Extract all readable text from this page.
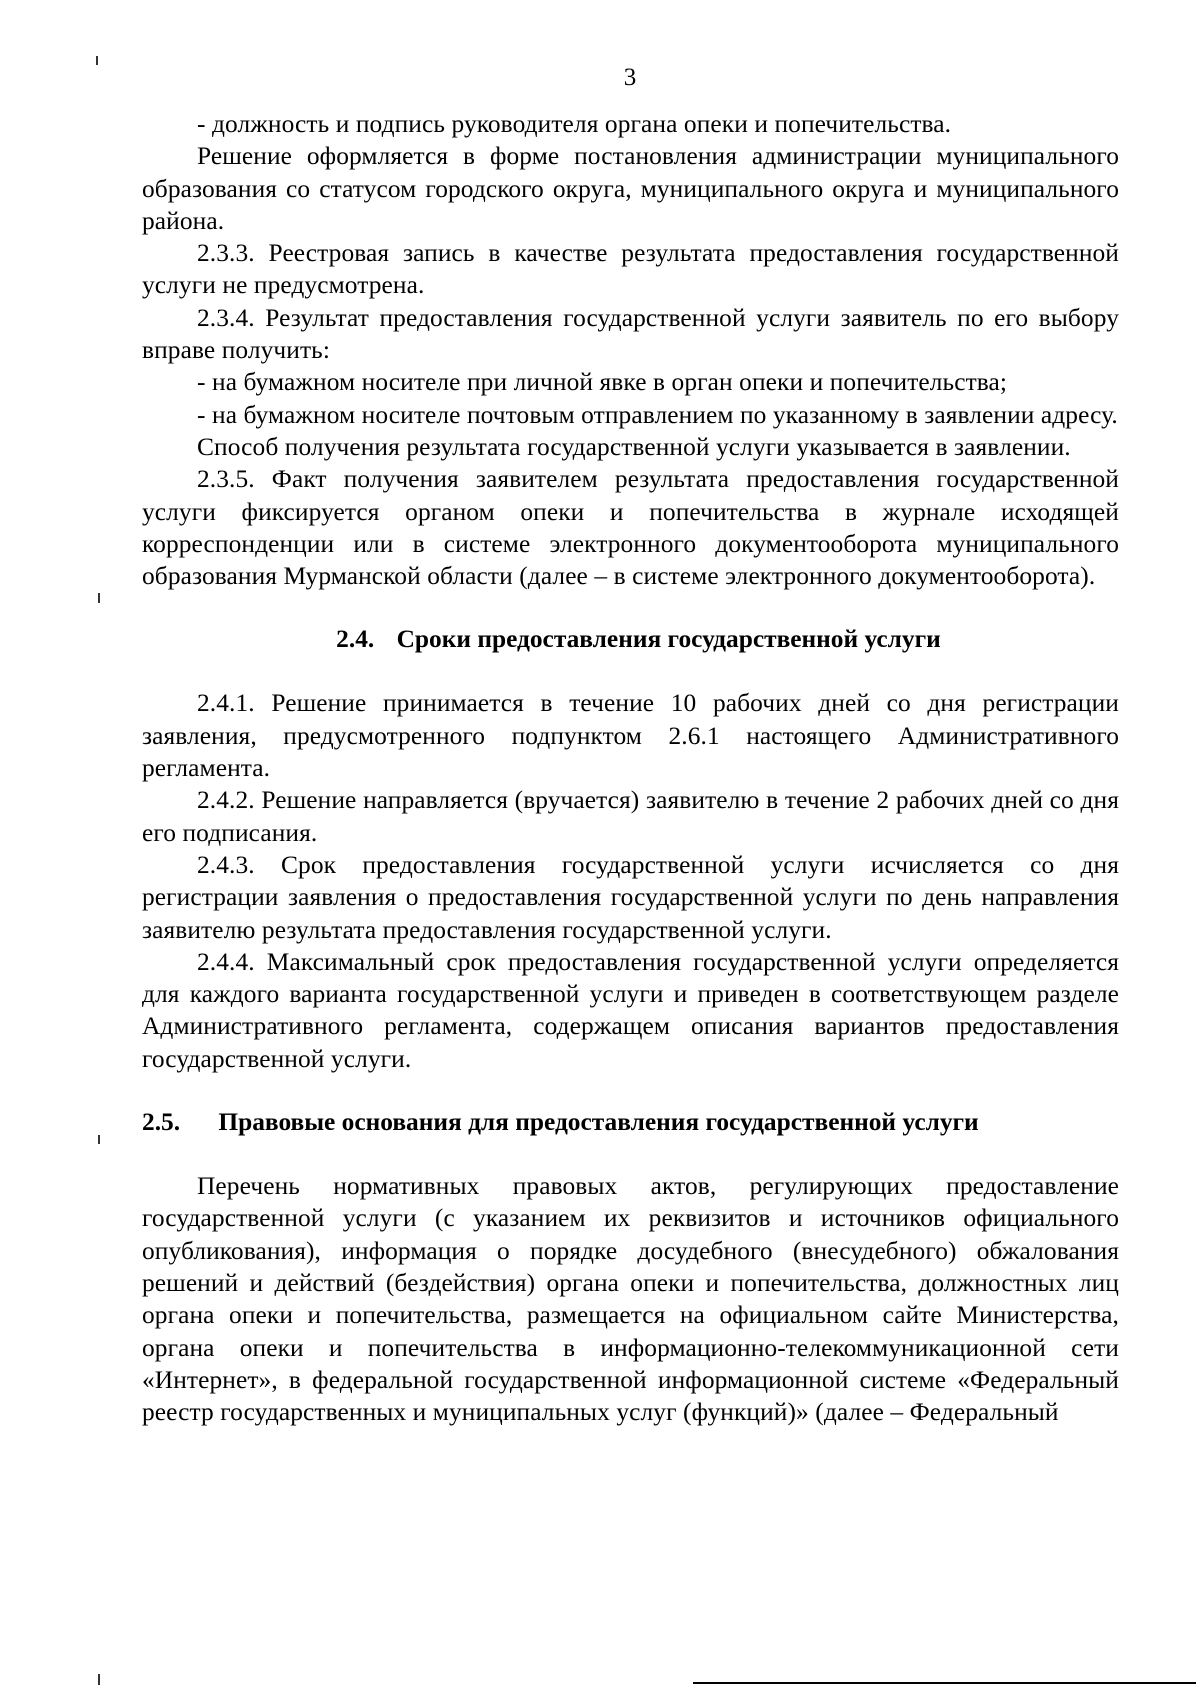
3

- должность и подпись руководителя органа опеки и попечительства.

Решение оформляется в форме постановления администрации муниципального образования со статусом городского округа, муниципального округа и муниципального района.

2.3.3. Реестровая запись в качестве результата предоставления государственной услуги не предусмотрена.

2.3.4. Результат предоставления государственной услуги заявитель по его выбору вправе получить:

- на бумажном носителе при личной явке в орган опеки и попечительства;

- на бумажном носителе почтовым отправлением по указанному в заявлении адресу.

Способ получения результата государственной услуги указывается в заявлении.

2.3.5. Факт получения заявителем результата предоставления государственной услуги фиксируется органом опеки и попечительства в журнале исходящей корреспонденции или в системе электронного документооборота муниципального образования Мурманской области (далее – в системе электронного документооборота).

2.4. Сроки предоставления государственной услуги

2.4.1. Решение принимается в течение 10 рабочих дней со дня регистрации заявления, предусмотренного подпунктом 2.6.1 настоящего Административного регламента.

2.4.2. Решение направляется (вручается) заявителю в течение 2 рабочих дней со дня его подписания.

2.4.3. Срок предоставления государственной услуги исчисляется со дня регистрации заявления о предоставления государственной услуги по день направления заявителю результата предоставления государственной услуги.

2.4.4. Максимальный срок предоставления государственной услуги определяется для каждого варианта государственной услуги и приведен в соответствующем разделе Административного регламента, содержащем описания вариантов предоставления государственной услуги.

2.5. Правовые основания для предоставления государственной услуги

Перечень нормативных правовых актов, регулирующих предоставление государственной услуги (с указанием их реквизитов и источников официального опубликования), информация о порядке досудебного (внесудебного) обжалования решений и действий (бездействия) органа опеки и попечительства, должностных лиц органа опеки и попечительства, размещается на официальном сайте Министерства, органа опеки и попечительства в информационно-телекоммуникационной сети «Интернет», в федеральной государственной информационной системе «Федеральный реестр государственных и муниципальных услуг (функций)» (далее – Федеральный
